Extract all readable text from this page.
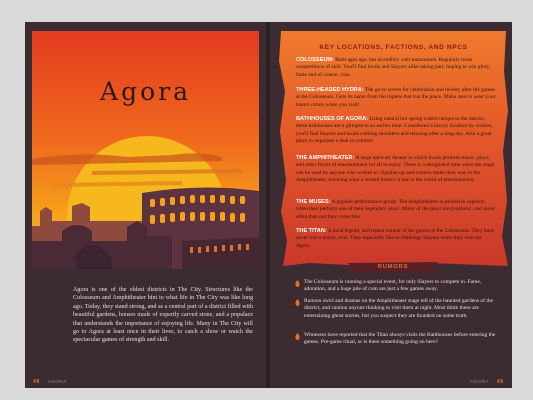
Agora

Agora is one of the oldest districts in The City. Structures like the Colosseum and Amphitheater hint to what life in The City was like long ago. Today, they stand strong, and as a central part of a district filled with beautiful gardens, houses made of expertly carved stone, and a populace that understands the importance of enjoying life. Many in The City will go to Agora at least once in their lives, to catch a show or watch the spectacular games of strength and skill.

48 AGORA
KEY LOCATIONS, FACTIONS, AND NPCS

COLOSSEUM: Built ages ago, but incredibly well maintained. Regularly hosts competitions of skill. You'll find locals and Slayers alike taking part, hoping to win glory, fame and of course, coin.

THREE-HEADED HYDRA: The go-to tavern for celebration and revelry after the games at the Colosseum. Gets its name from the triplets that run the place. Make sure to wear your team's colors when you visit!

BATHHOUSES OF AGORA: Using natural hot spring waters unique to the district, these bathhouses are a glimpse to an earlier time. Considered a luxury location by visitors, you'll find Slayers and locals rubbing shoulders and relaxing after a long day. Also a great place to negotiate a deal in comfort.

THE AMPHITHEATER: A large open-air theater in which locals perform music, plays, and other forms of entertainment for all to enjoy. There is a designated time when the stage can be used by anyone who wishes to. Opaline up-and-comers make their way to the Amphitheater, knowing what a storied history it has in the world of entertainment.

THE MUSES: A popular performance group. The Amphitheater is packed to capacity when they perform one of their legendary plays. Many of the plays are prophetic, and more often than not they come true.

THE TITAN: A local legend, and repeat winner of the games at the Colosseum. They have never lost a match, ever. They especially like to challenge Slayers when they visit the Agora.

RUMORS

The Colosseum is running a special event, for only Slayers to compete in. Fame, adoration, and a huge pile of coin are just a few games away.

Rumors swirl and dramas on the Amphitheater stage tell of the haunted gardens of the district, and caution anyone thinking to visit them at night. Most think these are entertaining ghost stories, but you suspect they are founded on some truth.

Witnesses have reported that the Titan always visits the Bathhouses before entering the games. Pre-game ritual, or is there something going on here?

AGORA 49
